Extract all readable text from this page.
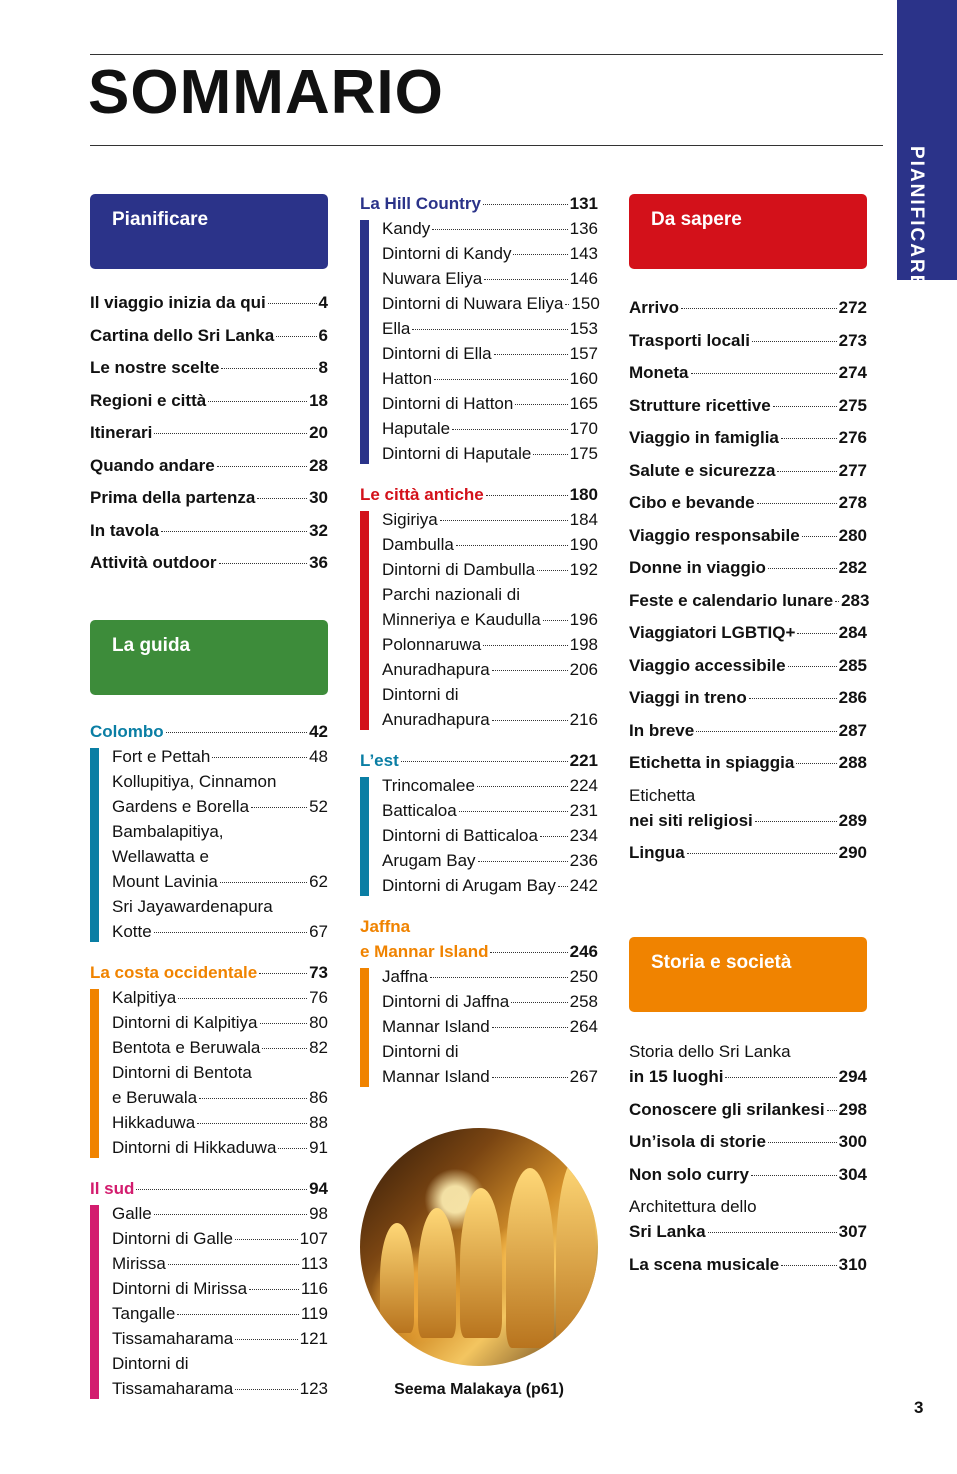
PIANIFICARE
SOMMARIO
Pianificare
Il viaggio inizia da qui	4
Cartina dello Sri Lanka	6
Le nostre scelte	8
Regioni e città	18
Itinerari	20
Quando andare	28
Prima della partenza	30
In tavola	32
Attività outdoor	36
La guida
Colombo	42
Fort e Pettah	48
Kollupitiya, Cinnamon
Gardens e Borella	52
Bambalapitiya,
Wellawatta e
Mount Lavinia	62
Sri Jayawardenapura
Kotte	67
La costa occidentale	73
Kalpitiya	76
Dintorni di Kalpitiya	80
Bentota e Beruwala	82
Dintorni di Bentota
e Beruwala	86
Hikkaduwa	88
Dintorni di Hikkaduwa 91
Il sud	94
Galle	98
Dintorni di Galle	107
Mirissa	113
Dintorni di Mirissa	116
Tangalle	119
Tissamaharama	121
Dintorni di
Tissamaharama	123
La Hill Country	131
Kandy	136
Dintorni di Kandy	143
Nuwara Eliya	146
Dintorni di Nuwara Eliya 150
Ella	153
Dintorni di Ella	157
Hatton	160
Dintorni di Hatton	165
Haputale	170
Dintorni di Haputale 175
Le città antiche	180
Sigiriya	184
Dambulla	190
Dintorni di Dambulla 192
Parchi nazionali di
Minneriya e Kaudulla 196
Polonnaruwa	198
Anuradhapura	206
Dintorni di
Anuradhapura	216
L’est	221
Trincomalee	224
Batticaloa	231
Dintorni di Batticaloa 234
Arugam Bay	236
Dintorni di Arugam Bay 242
Jaffna
e Mannar Island	246
Jaffna	250
Dintorni di Jaffna	258
Mannar Island	264
Dintorni di
Mannar Island	267
Seema Malakaya (p61)
Da sapere
Arrivo	272
Trasporti locali	273
Moneta	274
Strutture ricettive	275
Viaggio in famiglia	276
Salute e sicurezza	277
Cibo e bevande	278
Viaggio responsabile 280
Donne in viaggio	282
Feste e calendario lunare 283
Viaggiatori LGBTIQ+	284
Viaggio accessibile	285
Viaggi in treno	286
In breve	287
Etichetta in spiaggia	288
Etichetta
nei siti religiosi	289
Lingua	290
Storia e società
Storia dello Sri Lanka
in 15 luoghi	294
Conoscere gli srilankesi 298
Un’isola di storie	300
Non solo curry	304
Architettura dello
Sri Lanka	307
La scena musicale	310
3
